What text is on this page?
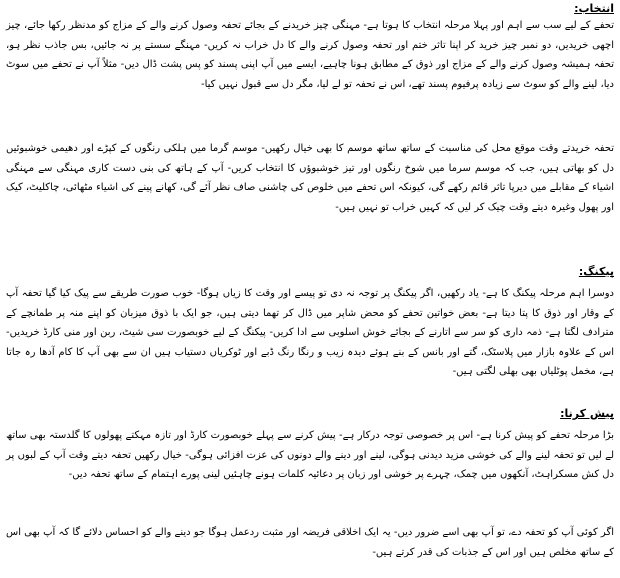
انتخاب:

تحفے کے لیے سب سے اہم اور پہلا مرحلہ انتخاب کا ہوتا ہے- مہنگی چیز خریدنے کے بجائے تحفہ وصول کرنے والے کے مزاج کو مدنظر رکھا جائے، چیز اچھی خریدیں، دو نمبر چیز خرید کر اپنا تاثر ختم اور تحفہ وصول کرنے والے کا دل خراب نہ کریں- مہنگے سستے پر نہ جائیں، بس جاذب نظر ہو، تحفہ ہمیشہ وصول کرنے والے کے مزاج اور ذوق کے مطابق ہونا چاہیے، ایسے میں آپ اپنی پسند کو پس پشت ڈال دیں- مثلاً آپ نے تحفے میں سوٹ دیا، لینے والے کو سوٹ سے زیادہ پرفیوم پسند تھے، اس نے تحفہ تو لے لیا، مگر دل سے قبول نہیں کیا-

تحفہ خریدتے وقت موقع محل کی مناسبت کے ساتھ ساتھ موسم کا بھی خیال رکھیں- موسم گرما میں ہلکی رنگوں کے کپڑے اور دھیمی خوشبوئیں دل کو بھاتی ہیں، جب کہ موسم سرما میں شوخ رنگوں اور تیز خوشبوؤں کا انتخاب کریں- آپ کے ہاتھ کی بنی دست کاری مہنگی سے مہنگی اشیاء کے مقابلے میں دیرپا تاثر قائم رکھے گی، کیونکہ اس تحفے میں خلوص کی چاشنی صاف نظر آئے گی، کھانے پینے کی اشیاء مٹھائی، چاکلیٹ، کیک اور پھول وغیرہ دیتے وقت چیک کر لیں کہ کہیں خراب تو نہیں ہیں-

پیکنگ:

دوسرا اہم مرحلہ پیکنگ کا ہے- یاد رکھیں، اگر پیکنگ پر توجہ نہ دی تو پیسے اور وقت کا زیاں ہوگا- خوب صورت طریقے سے پیک کیا گیا تحفہ آپ کے وقار اور ذوق کا پتا دیتا ہے- بعض خواتین تحفے کو محض شاپر میں ڈال کر تھما دیتی ہیں، جو ایک با ذوق میزبان کو اپنے منہ پر طمانچے کے مترادف لگتا ہے- ذمہ داری کو سر سے اتارنے کے بجائے خوش اسلوبی سے ادا کریں- پیکنگ کے لیے خوبصورت سی شیٹ، ربن اور منی کارڈ خریدیں- اس کے علاوہ بازار میں پلاسٹک، گتے اور بانس کے بنے ہوئے دیدہ زیب و رنگا رنگ ڈبے اور ٹوکریاں دستیاب ہیں ان سے بھی آپ کا کام آدھا رہ جاتا ہے، مخمل پوٹلیاں بھی بھلی لگتی ہیں-

پیش کرنا:

بڑا مرحلہ تحفے کو پیش کرنا ہے- اس پر خصوصی توجہ درکار ہے- پیش کرنے سے پہلے خوبصورت کارڈ اور تازہ مہکتے پھولوں کا گلدستہ بھی ساتھ لے لیں تو تحفہ لینے والے کی خوشی مزید دیدنی ہوگی، لینے اور دینے والے دونوں کی عزت افزائی ہوگی- خیال رکھیں تحفہ دیتے وقت آپ کے لبوں پر دل کش مسکراہٹ، آنکھوں میں چمک، چہرے پر خوشی اور زبان پر دعائیہ کلمات ہونے چاہئیں لینی پورے اہتمام کے ساتھ تحفہ دیں-

اگر کوئی آپ کو تحفہ دے، تو آپ بھی اسے ضرور دیں- یہ ایک اخلاقی فریضہ اور مثبت ردعمل ہوگا جو دینے والے کو احساس دلائے گا کہ آپ بھی اس کے ساتھ مخلص ہیں اور اس کے جذبات کی قدر کرتے ہیں-
